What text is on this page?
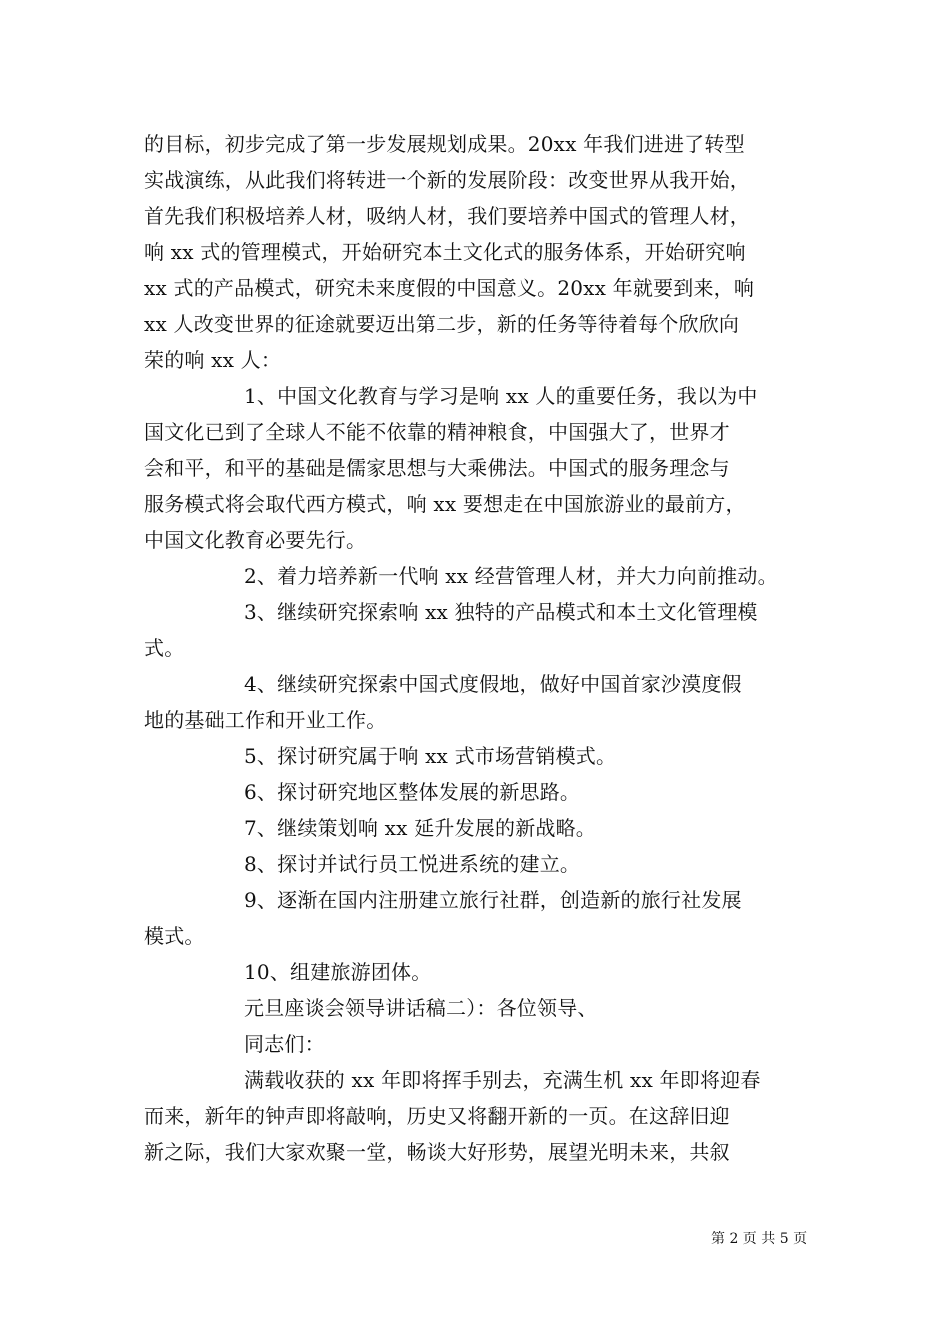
的目标，初步完成了第一步发展规划成果。20xx 年我们进进了转型
实战演练，从此我们将转进一个新的发展阶段：改变世界从我开始，
首先我们积极培养人材，吸纳人材，我们要培养中国式的管理人材，
响 xx 式的管理模式，开始研究本土文化式的服务体系，开始研究响
xx 式的产品模式，研究未来度假的中国意义。20xx 年就要到来，响
xx 人改变世界的征途就要迈出第二步，新的任务等待着每个欣欣向
荣的响 xx 人：
1、中国文化教育与学习是响 xx 人的重要任务，我以为中
国文化已到了全球人不能不依靠的精神粮食，中国强大了，世界才
会和平，和平的基础是儒家思想与大乘佛法。中国式的服务理念与
服务模式将会取代西方模式，响 xx 要想走在中国旅游业的最前方，
中国文化教育必要先行。
2、着力培养新一代响 xx 经营管理人材，并大力向前推动。
3、继续研究探索响 xx 独特的产品模式和本土文化管理模
式。
4、继续研究探索中国式度假地，做好中国首家沙漠度假
地的基础工作和开业工作。
5、探讨研究属于响 xx 式市场营销模式。
6、探讨研究地区整体发展的新思路。
7、继续策划响 xx 延升发展的新战略。
8、探讨并试行员工悦进系统的建立。
9、逐渐在国内注册建立旅行社群，创造新的旅行社发展
模式。
10、组建旅游团体。
元旦座谈会领导讲话稿二）：各位领导、
同志们：
满载收获的 xx 年即将挥手别去，充满生机 xx 年即将迎春
而来，新年的钟声即将敲响，历史又将翻开新的一页。在这辞旧迎
新之际，我们大家欢聚一堂，畅谈大好形势，展望光明未来，共叙
第 2 页 共 5 页
